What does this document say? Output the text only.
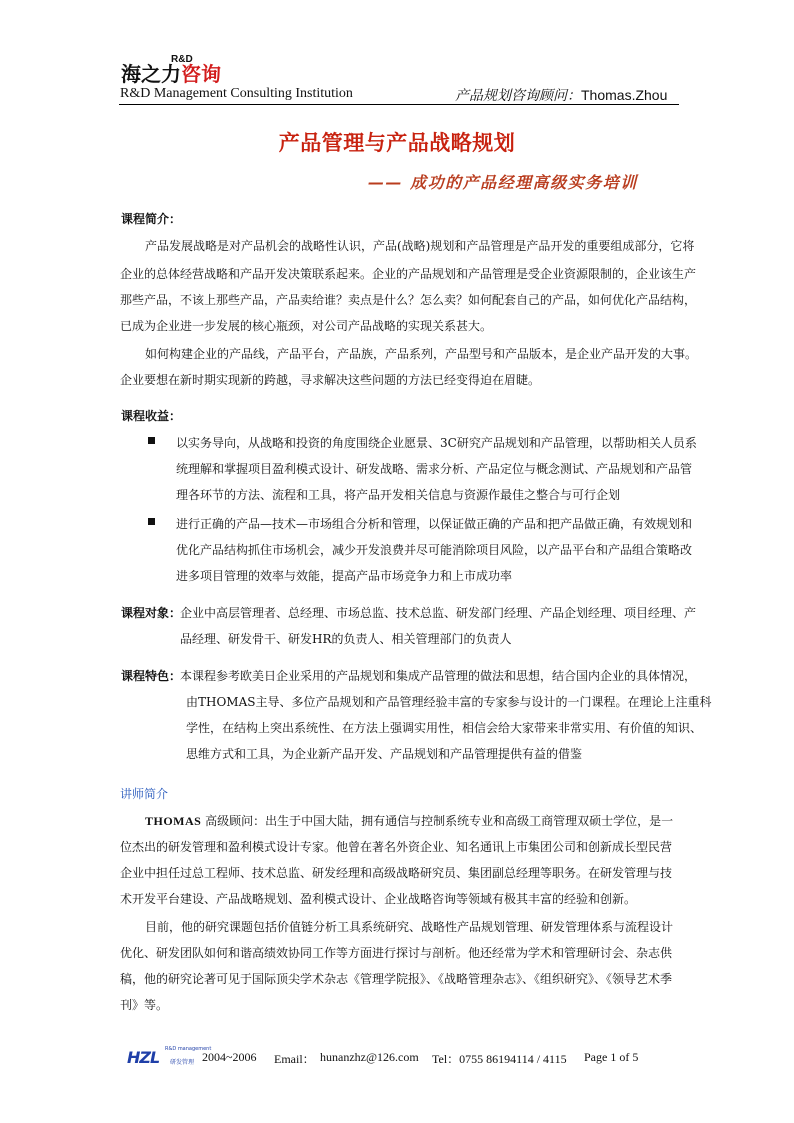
海之力咨询
R&D
R&D Management Consulting Institution	产品规划咨询顾问：Thomas.Zhou
产品管理与产品战略规划
—— 成功的产品经理高级实务培训
课程简介：
产品发展战略是对产品机会的战略性认识，产品(战略)规划和产品管理是产品开发的重要组成部分，它将
企业的总体经营战略和产品开发决策联系起来。企业的产品规划和产品管理是受企业资源限制的，企业该生产
那些产品，不该上那些产品，产品卖给谁？卖点是什么？怎么卖？如何配套自己的产品，如何优化产品结构，
已成为企业进一步发展的核心瓶颈，对公司产品战略的实现关系甚大。
如何构建企业的产品线，产品平台，产品族，产品系列，产品型号和产品版本，是企业产品开发的大事。
企业要想在新时期实现新的跨越，寻求解决这些问题的方法已经变得迫在眉睫。
课程收益：
以实务导向，从战略和投资的角度围绕企业愿景、3C研究产品规划和产品管理，以帮助相关人员系
统理解和掌握项目盈利模式设计、研发战略、需求分析、产品定位与概念测试、产品规划和产品管
理各环节的方法、流程和工具，将产品开发相关信息与资源作最佳之整合与可行企划
进行正确的产品—技术—市场组合分析和管理，以保证做正确的产品和把产品做正确，有效规划和
优化产品结构抓住市场机会，减少开发浪费并尽可能消除项目风险，以产品平台和产品组合策略改
进多项目管理的效率与效能，提高产品市场竞争力和上市成功率
课程对象：
企业中高层管理者、总经理、市场总监、技术总监、研发部门经理、产品企划经理、项目经理、产
品经理、研发骨干、研发HR的负责人、相关管理部门的负责人
课程特色：
本课程参考欧美日企业采用的产品规划和集成产品管理的做法和思想，结合国内企业的具体情况，
由THOMAS主导、多位产品规划和产品管理经验丰富的专家参与设计的一门课程。在理论上注重科
学性，在结构上突出系统性、在方法上强调实用性，相信会给大家带来非常实用、有价值的知识、
思维方式和工具，为企业新产品开发、产品规划和产品管理提供有益的借鉴
讲师简介
THOMAS 高级顾问：出生于中国大陆，拥有通信与控制系统专业和高级工商管理双硕士学位，是一
位杰出的研发管理和盈利模式设计专家。他曾在著名外资企业、知名通讯上市集团公司和创新成长型民营
企业中担任过总工程师、技术总监、研发经理和高级战略研究员、集团副总经理等职务。在研发管理与技
术开发平台建设、产品战略规划、盈利模式设计、企业战略咨询等领域有极其丰富的经验和创新。
目前，他的研究课题包括价值链分析工具系统研究、战略性产品规划管理、研发管理体系与流程设计
优化、研发团队如何和谐高绩效协同工作等方面进行探讨与剖析。他还经常为学术和管理研讨会、杂志供
稿，他的研究论著可见于国际顶尖学术杂志《管理学院报》、《战略管理杂志》、《组织研究》、《领导艺术季
刊》等。
HZL R&D management
研发管理 2004~2006 Email： hunanzhz@126.com Tel：0755 86194114 / 4115 Page 1 of 5
